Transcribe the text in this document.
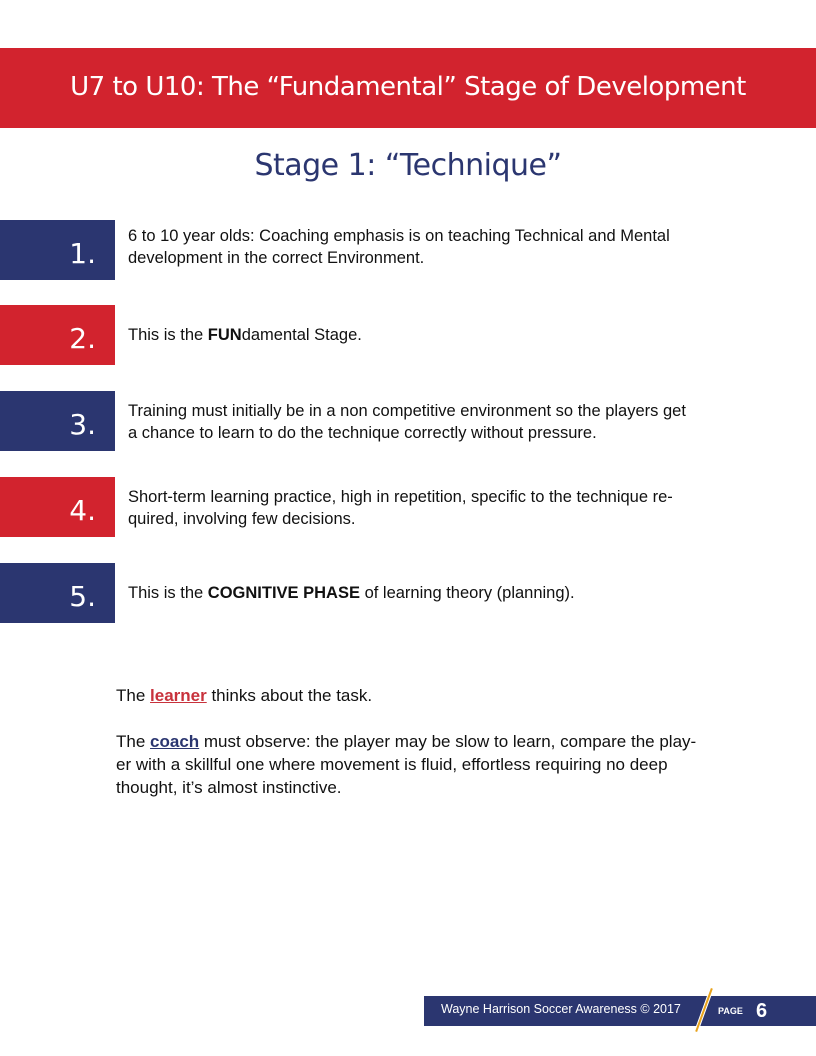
U7 to U10: The “Fundamental” Stage of Development
Stage 1: “Technique”
1.
6 to 10 year olds: Coaching emphasis is on teaching Technical and Mental
development in the correct Environment.
2. This is the FUNdamental Stage.
3. Training must initially be in a non competitive environment so the players get
a chance to learn to do the technique correctly without pressure.
4. Short-term learning practice, high in repetition, specific to the technique re-
quired, involving few decisions.
5. This is the COGNITIVE PHASE of learning theory (planning).
The learner thinks about the task.
The coach must observe: the player may be slow to learn, compare the play-
er with a skillful one where movement is fluid, effortless requiring no deep
thought, it’s almost instinctive.
Wayne Harrison Soccer Awareness © 2017	PAGE 6
